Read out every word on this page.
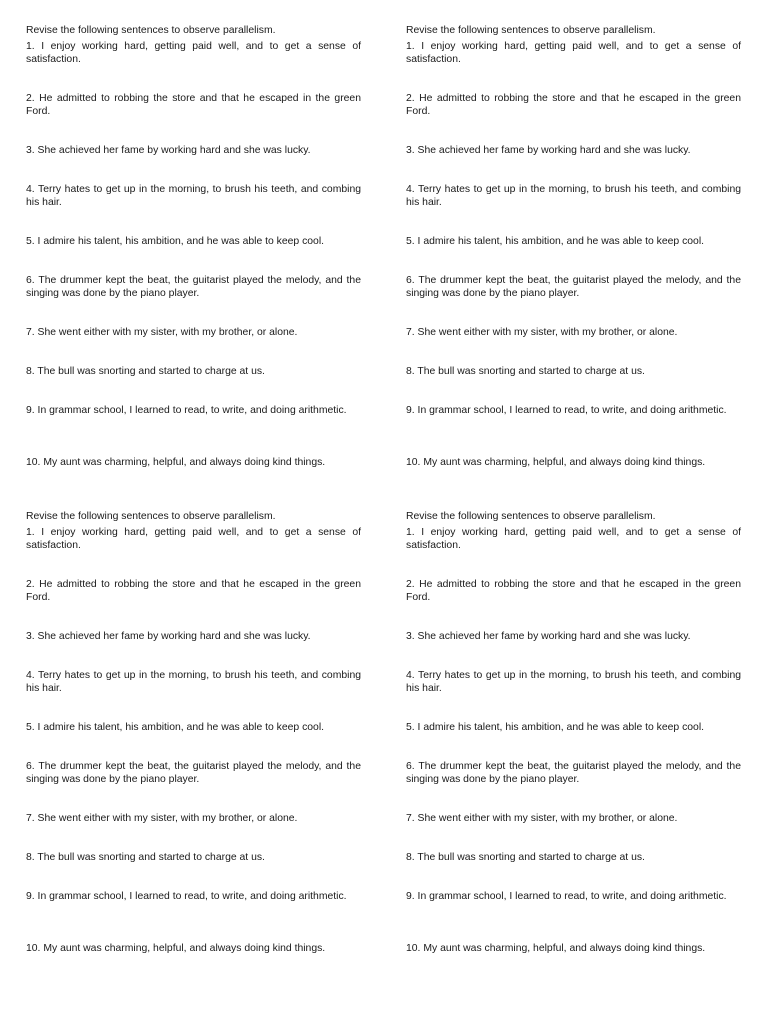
Revise the following sentences to observe parallelism.

1. I enjoy working hard, getting paid well, and to get a sense of satisfaction.

2. He admitted to robbing the store and that he escaped in the green Ford.

3. She achieved her fame by working hard and she was lucky.

4. Terry hates to get up in the morning, to brush his teeth, and combing his hair.

5. I admire his talent, his ambition, and he was able to keep cool.

6. The drummer kept the beat, the guitarist played the melody, and the singing was done by the piano player.

7. She went either with my sister, with my brother, or alone.

8. The bull was snorting and started to charge at us.

9. In grammar school, I learned to read, to write, and doing arithmetic.

10. My aunt was charming, helpful, and always doing kind things.

Revise the following sentences to observe parallelism.

1. I enjoy working hard, getting paid well, and to get a sense of satisfaction.

2. He admitted to robbing the store and that he escaped in the green Ford.

3. She achieved her fame by working hard and she was lucky.

4. Terry hates to get up in the morning, to brush his teeth, and combing his hair.

5. I admire his talent, his ambition, and he was able to keep cool.

6. The drummer kept the beat, the guitarist played the melody, and the singing was done by the piano player.

7. She went either with my sister, with my brother, or alone.

8. The bull was snorting and started to charge at us.

9. In grammar school, I learned to read, to write, and doing arithmetic.

10. My aunt was charming, helpful, and always doing kind things.

Revise the following sentences to observe parallelism.

1. I enjoy working hard, getting paid well, and to get a sense of satisfaction.

2. He admitted to robbing the store and that he escaped in the green Ford.

3. She achieved her fame by working hard and she was lucky.

4. Terry hates to get up in the morning, to brush his teeth, and combing his hair.

5. I admire his talent, his ambition, and he was able to keep cool.

6. The drummer kept the beat, the guitarist played the melody, and the singing was done by the piano player.

7. She went either with my sister, with my brother, or alone.

8. The bull was snorting and started to charge at us.

9. In grammar school, I learned to read, to write, and doing arithmetic.

10. My aunt was charming, helpful, and always doing kind things.

Revise the following sentences to observe parallelism.

1. I enjoy working hard, getting paid well, and to get a sense of satisfaction.

2. He admitted to robbing the store and that he escaped in the green Ford.

3. She achieved her fame by working hard and she was lucky.

4. Terry hates to get up in the morning, to brush his teeth, and combing his hair.

5. I admire his talent, his ambition, and he was able to keep cool.

6. The drummer kept the beat, the guitarist played the melody, and the singing was done by the piano player.

7. She went either with my sister, with my brother, or alone.

8. The bull was snorting and started to charge at us.

9. In grammar school, I learned to read, to write, and doing arithmetic.

10. My aunt was charming, helpful, and always doing kind things.
